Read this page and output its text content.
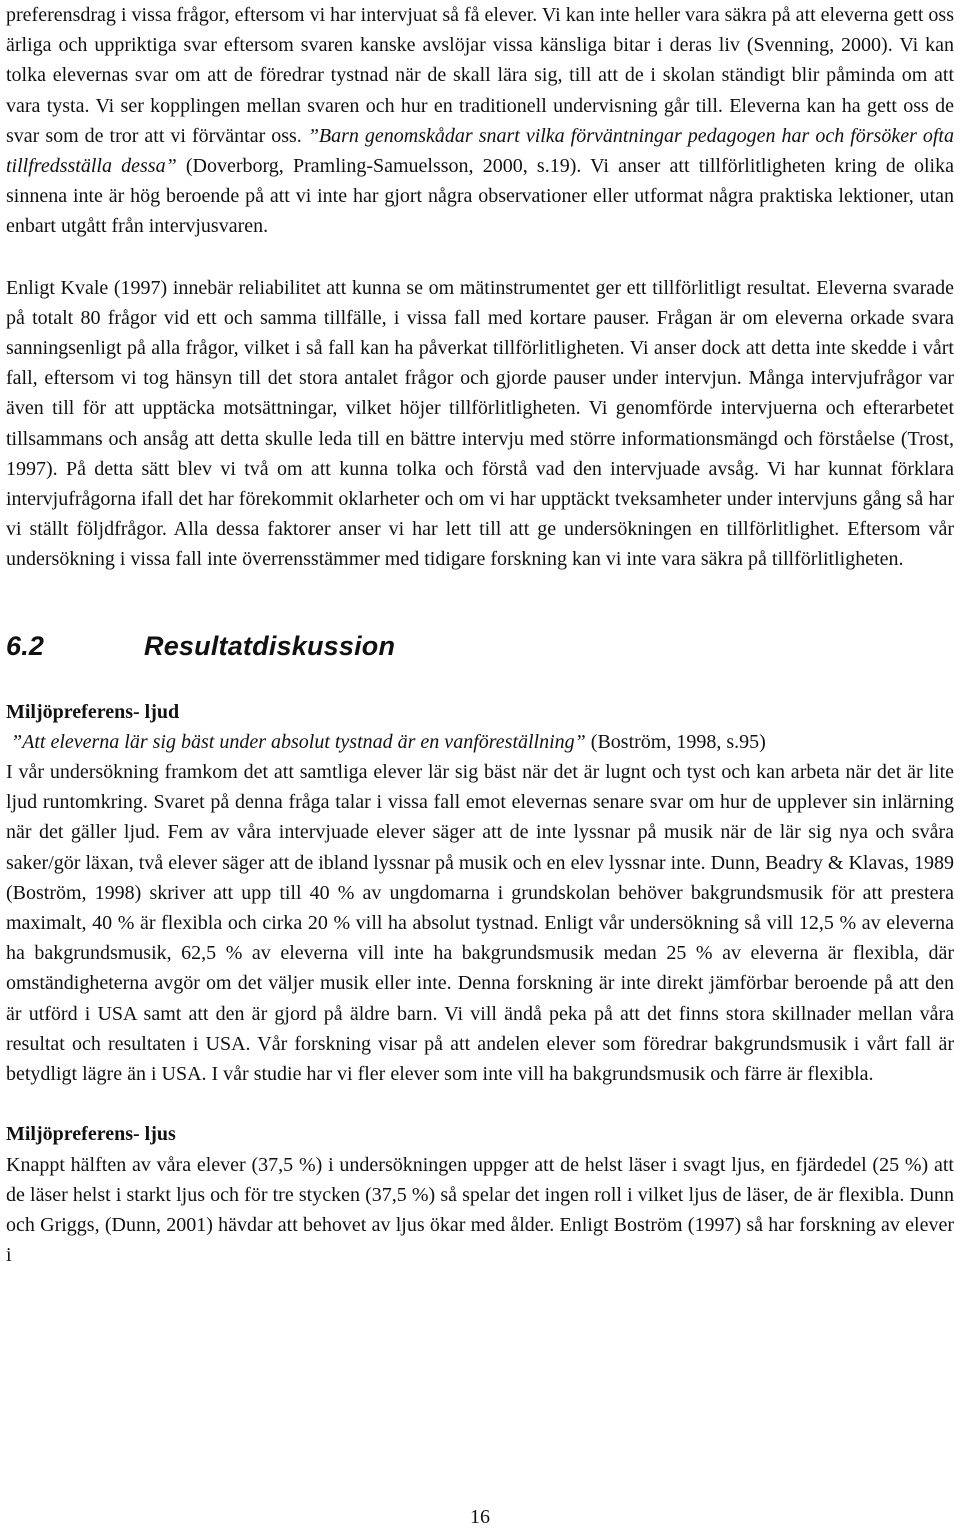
preferensdrag i vissa frågor, eftersom vi har intervjuat så få elever. Vi kan inte heller vara säkra på att eleverna gett oss ärliga och uppriktiga svar eftersom svaren kanske avslöjar vissa känsliga bitar i deras liv (Svenning, 2000). Vi kan tolka elevernas svar om att de föredrar tystnad när de skall lära sig, till att de i skolan ständigt blir påminda om att vara tysta. Vi ser kopplingen mellan svaren och hur en traditionell undervisning går till. Eleverna kan ha gett oss de svar som de tror att vi förväntar oss. ”Barn genomskådar snart vilka förväntningar pedagogen har och försöker ofta tillfredsställa dessa” (Doverborg, Pramling-Samuelsson, 2000, s.19). Vi anser att tillförlitligheten kring de olika sinnena inte är hög beroende på att vi inte har gjort några observationer eller utformat några praktiska lektioner, utan enbart utgått från intervjusvaren.

Enligt Kvale (1997) innebär reliabilitet att kunna se om mätinstrumentet ger ett tillförlitligt resultat. Eleverna svarade på totalt 80 frågor vid ett och samma tillfälle, i vissa fall med kortare pauser. Frågan är om eleverna orkade svara sanningsenligt på alla frågor, vilket i så fall kan ha påverkat tillförlitligheten. Vi anser dock att detta inte skedde i vårt fall, eftersom vi tog hänsyn till det stora antalet frågor och gjorde pauser under intervjun. Många intervjufrågor var även till för att upptäcka motsättningar, vilket höjer tillförlitligheten. Vi genomförde intervjuerna och efterarbetet tillsammans och ansåg att detta skulle leda till en bättre intervju med större informationsmängd och förståelse (Trost, 1997). På detta sätt blev vi två om att kunna tolka och förstå vad den intervjuade avsåg. Vi har kunnat förklara intervjufrågorna ifall det har förekommit oklarheter och om vi har upptäckt tveksamheter under intervjuns gång så har vi ställt följdfrågor. Alla dessa faktorer anser vi har lett till att ge undersökningen en tillförlitlighet. Eftersom vår undersökning i vissa fall inte överrensstämmer med tidigare forskning kan vi inte vara säkra på tillförlitligheten.

6.2	Resultatdiskussion
Miljöpreferens- ljud

”Att eleverna lär sig bäst under absolut tystnad är en vanföreställning” (Boström, 1998, s.95)

I vår undersökning framkom det att samtliga elever lär sig bäst när det är lugnt och tyst och kan arbeta när det är lite ljud runtomkring. Svaret på denna fråga talar i vissa fall emot elevernas senare svar om hur de upplever sin inlärning när det gäller ljud. Fem av våra intervjuade elever säger att de inte lyssnar på musik när de lär sig nya och svåra saker/gör läxan, två elever säger att de ibland lyssnar på musik och en elev lyssnar inte. Dunn, Beadry & Klavas, 1989 (Boström, 1998) skriver att upp till 40 % av ungdomarna i grundskolan behöver bakgrundsmusik för att prestera maximalt, 40 % är flexibla och cirka 20 % vill ha absolut tystnad. Enligt vår undersökning så vill 12,5 % av eleverna ha bakgrundsmusik, 62,5 % av eleverna vill inte ha bakgrundsmusik medan 25 % av eleverna är flexibla, där omständigheterna avgör om det väljer musik eller inte. Denna forskning är inte direkt jämförbar beroende på att den är utförd i USA samt att den är gjord på äldre barn. Vi vill ändå peka på att det finns stora skillnader mellan våra resultat och resultaten i USA. Vår forskning visar på att andelen elever som föredrar bakgrundsmusik i vårt fall är betydligt lägre än i USA. I vår studie har vi fler elever som inte vill ha bakgrundsmusik och färre är flexibla.

Miljöpreferens- ljus

Knappt hälften av våra elever (37,5 %) i undersökningen uppger att de helst läser i svagt ljus, en fjärdedel (25 %) att de läser helst i starkt ljus och för tre stycken (37,5 %) så spelar det ingen roll i vilket ljus de läser, de är flexibla. Dunn och Griggs, (Dunn, 2001) hävdar att behovet av ljus ökar med ålder. Enligt Boström (1997) så har forskning av elever i

16
